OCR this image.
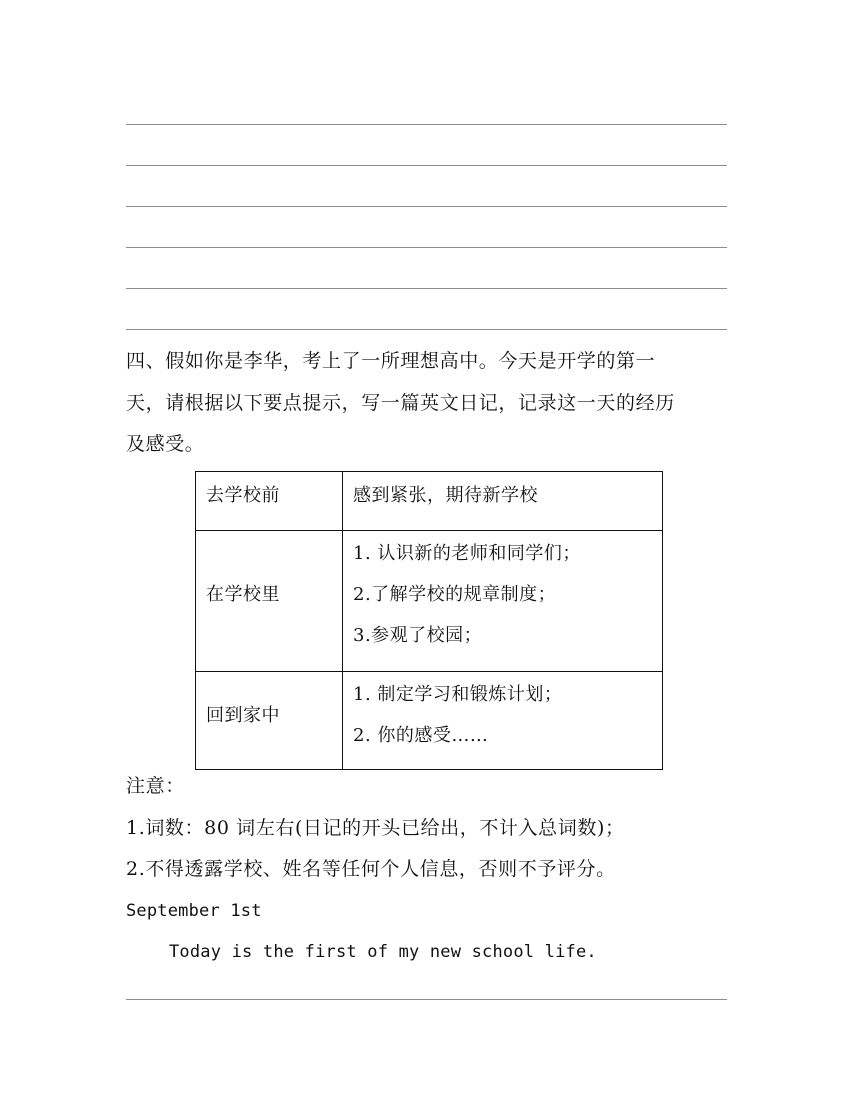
四、假如你是李华，考上了一所理想高中。今天是开学的第一
天，请根据以下要点提示，写一篇英文日记，记录这一天的经历
及感受。
去学校前	感到紧张，期待新学校
在学校里
1. 认识新的老师和同学们；
2.了解学校的规章制度；
3.参观了校园；
回到家中
1. 制定学习和锻炼计划；
2. 你的感受……
注意：
1.词数：80 词左右(日记的开头已给出，不计入总词数)；
2.不得透露学校、姓名等任何个人信息，否则不予评分。
September 1st
Today is the first of my new school life.
